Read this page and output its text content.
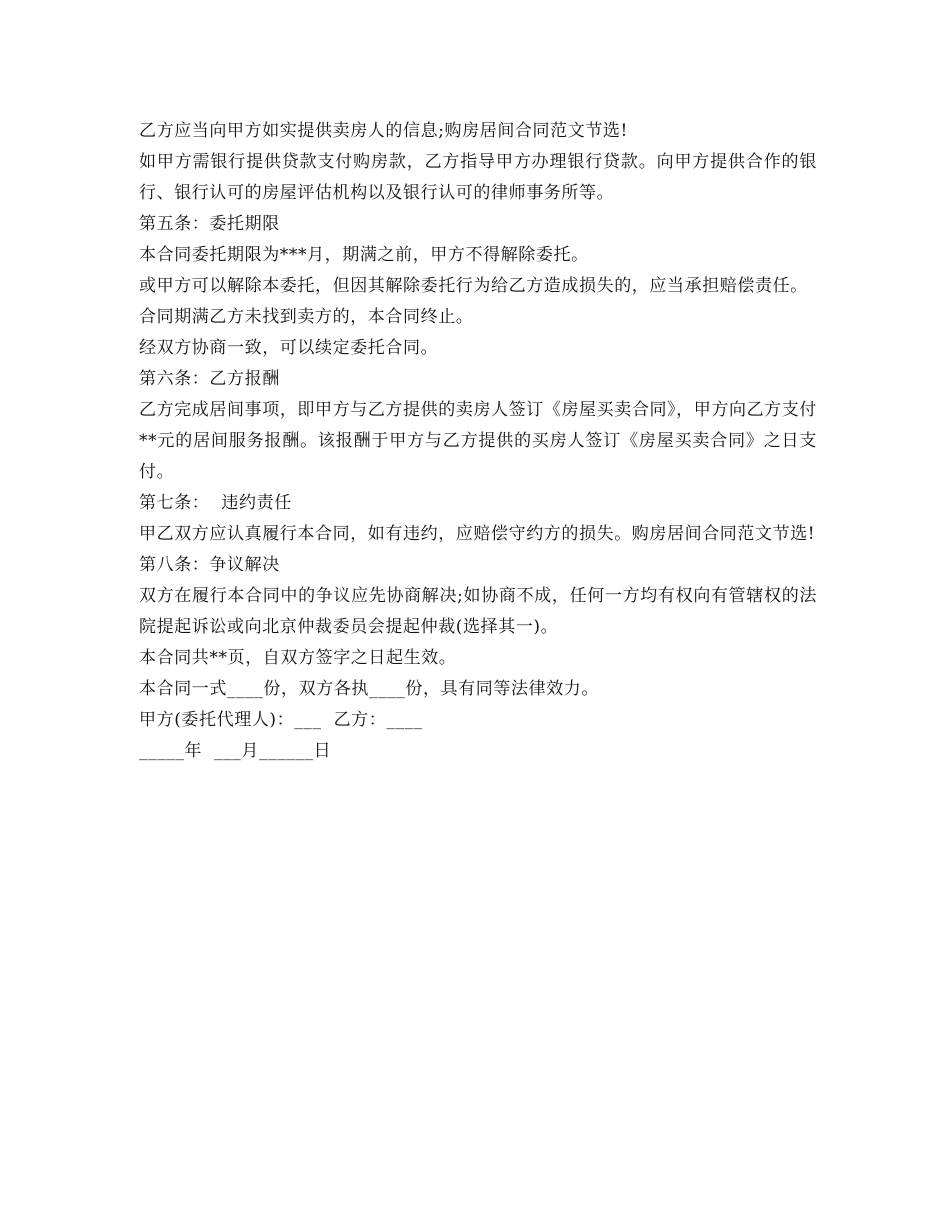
乙方应当向甲方如实提供卖房人的信息;购房居间合同范文节选!

如甲方需银行提供贷款支付购房款，乙方指导甲方办理银行贷款。向甲方提供合作的银行、银行认可的房屋评估机构以及银行认可的律师事务所等。

第五条：委托期限

本合同委托期限为***月，期满之前，甲方不得解除委托。

或甲方可以解除本委托，但因其解除委托行为给乙方造成损失的，应当承担赔偿责任。

合同期满乙方未找到卖方的，本合同终止。

经双方协商一致，可以续定委托合同。

第六条：乙方报酬

乙方完成居间事项，即甲方与乙方提供的卖房人签订《房屋买卖合同》，甲方向乙方支付**元的居间服务报酬。该报酬于甲方与乙方提供的买房人签订《房屋买卖合同》之日支付。

第七条：  违约责任

甲乙双方应认真履行本合同，如有违约，应赔偿守约方的损失。购房居间合同范文节选!

第八条：争议解决

双方在履行本合同中的争议应先协商解决;如协商不成，任何一方均有权向有管辖权的法院提起诉讼或向北京仲裁委员会提起仲裁(选择其一)。

本合同共**页，自双方签字之日起生效。

本合同一式____份，双方各执____份，具有同等法律效力。

甲方(委托代理人)：___  乙方：____

_____年  ___月______日
